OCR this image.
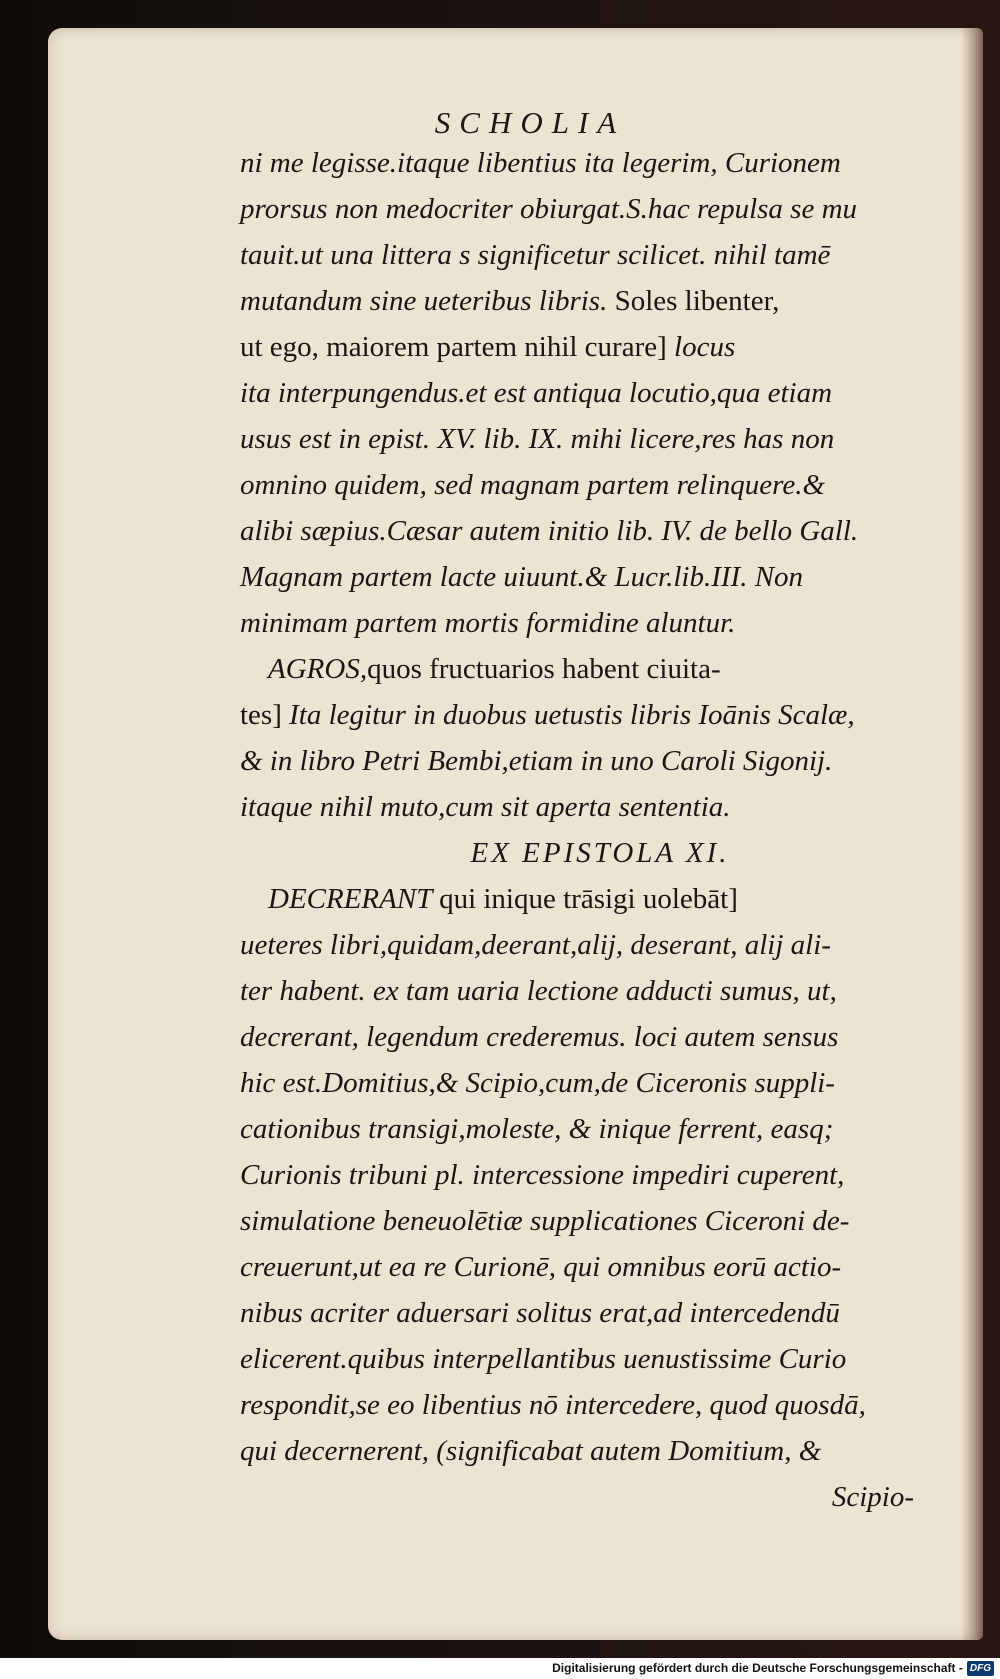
SCHOLIA
ni me legisse.itaque libentius ita legerim, Curionem
prorsus non medocriter obiurgat.S.hac repulsa se mu
tauit.ut una littera s significetur scilicet. nihil tamē
mutandum sine ueteribus libris. Soles libenter,
ut ego, maiorem partem nihil curare] locus
ita interpungendus.et est antiqua locutio,qua etiam
usus est in epist. XV. lib. IX. mihi licere,res has non
omnino quidem, sed magnam partem relinquere.&
alibi sæpius.Cæsar autem initio lib. IV. de bello Gall.
Magnam partem lacte uiuunt.& Lucr.lib.III. Non
minimam partem mortis formidine aluntur.
AGROS,quos fructuarios habent ciuita-
tes] Ita legitur in duobus uetustis libris Ioānis Scalæ,
& in libro Petri Bembi,etiam in uno Caroli Sigonij.
itaque nihil muto,cum sit aperta sententia.
EX EPISTOLA XI.
DECRERANT qui inique trāsigi uolebāt]
ueteres libri,quidam,deerant,alij, deserant, alij ali-
ter habent. ex tam uaria lectione adducti sumus, ut,
decrerant, legendum crederemus. loci autem sensus
hic est.Domitius,& Scipio,cum,de Ciceronis suppli-
cationibus transigi,moleste, & inique ferrent, easq;
Curionis tribuni pl. intercessione impediri cuperent,
simulatione beneuolētiæ supplicationes Ciceroni de-
creuerunt,ut ea re Curionē, qui omnibus eorū actio-
nibus acriter aduersari solitus erat,ad intercedendū
elicerent.quibus interpellantibus uenustissime Curio
respondit,se eo libentius nō intercedere, quod quosdā,
qui decernerent, (significabat autem Domitium, &
Scipio-
Digitalisierung gefördert durch die Deutsche Forschungsgemeinschaft - DFG
